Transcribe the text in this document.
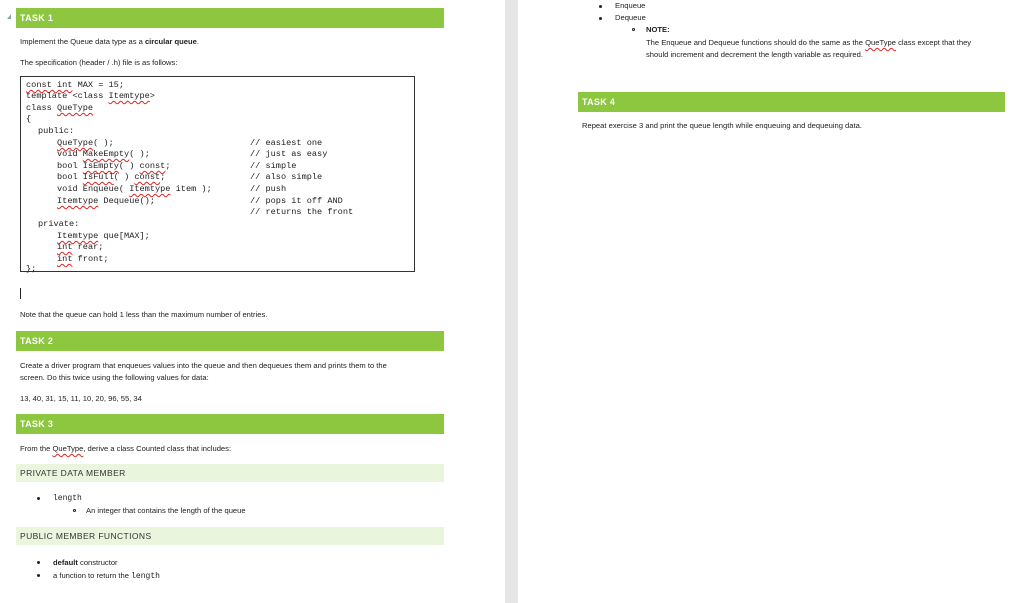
TASK 1
Implement the Queue data type as a circular queue.
The specification (header / .h) file is as follows:
const int MAX = 15;
template <class Itemtype>
class QueType
{
public:
QueType( );
void MakeEmpty( );
bool IsEmpty( ) const;
bool IsFull( ) const;
void Enqueue( Itemtype item );
Itemtype Dequeue();
// easiest one
// just as easy
// simple
// also simple
// push
// pops it off AND
// returns the front
private:
Itemtype que[MAX];
int rear;
int front;
};
Note that the queue can hold 1 less than the maximum number of entries.
TASK 2
Create a driver program that enqueues values into the queue and then dequeues them and prints them to the
screen. Do this twice using the following values for data:
13, 40, 31, 15, 11, 10, 20, 96, 55, 34
TASK 3
From the QueType, derive a class Counted class that includes:
PRIVATE DATA MEMBER
length
An integer that contains the length of the queue
PUBLIC MEMBER FUNCTIONS
default constructor
a function to return the length
Enqueue
Dequeue
NOTE:
The Enqueue and Dequeue functions should do the same as the QueType class except that they
should increment and decrement the length variable as required.
TASK 4
Repeat exercise 3 and print the queue length while enqueuing and dequeuing data.
